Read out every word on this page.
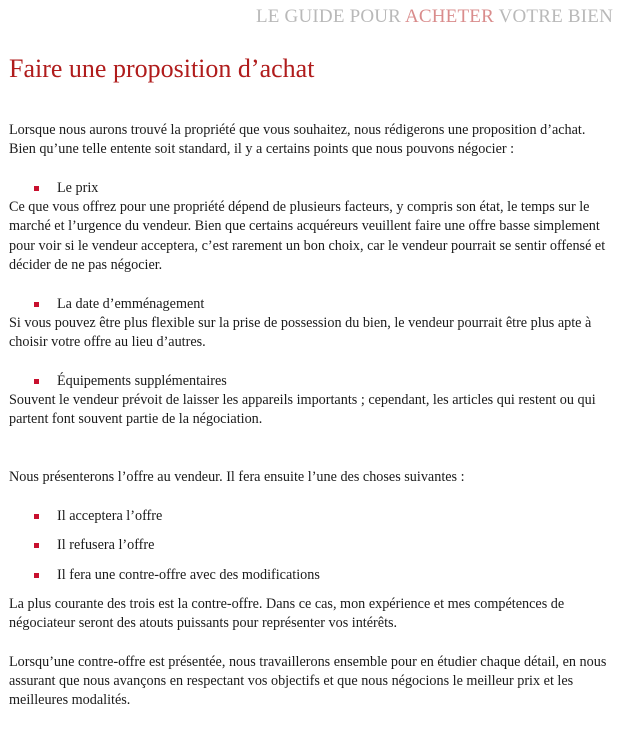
LE GUIDE POUR ACHETER VOTRE BIEN
Faire une proposition d’achat

Lorsque nous aurons trouvé la propriété que vous souhaitez, nous rédigerons une proposition d’achat. Bien qu’une telle entente soit standard, il y a certains points que nous pouvons négocier :

Le prix

Ce que vous offrez pour une propriété dépend de plusieurs facteurs, y compris son état, le temps sur le marché et l’urgence du vendeur. Bien que certains acquéreurs veuillent faire une offre basse simplement pour voir si le vendeur acceptera, c’est rarement un bon choix, car le vendeur pourrait se sentir offensé et décider de ne pas négocier.

La date d’emménagement

Si vous pouvez être plus flexible sur la prise de possession du bien, le vendeur pourrait être plus apte à choisir votre offre au lieu d’autres.

Équipements supplémentaires

Souvent le vendeur prévoit de laisser les appareils importants ; cependant, les articles qui restent ou qui partent font souvent partie de la négociation.

Nous présenterons l’offre au vendeur. Il fera ensuite l’une des choses suivantes :

Il acceptera l’offre
Il refusera l’offre
Il fera une contre-offre avec des modifications

La plus courante des trois est la contre-offre. Dans ce cas, mon expérience et mes compétences de négociateur seront des atouts puissants pour représenter vos intérêts.

Lorsqu’une contre-offre est présentée, nous travaillerons ensemble pour en étudier chaque détail, en nous assurant que nous avançons en respectant vos objectifs et que nous négocions le meilleur prix et les meilleures modalités.
